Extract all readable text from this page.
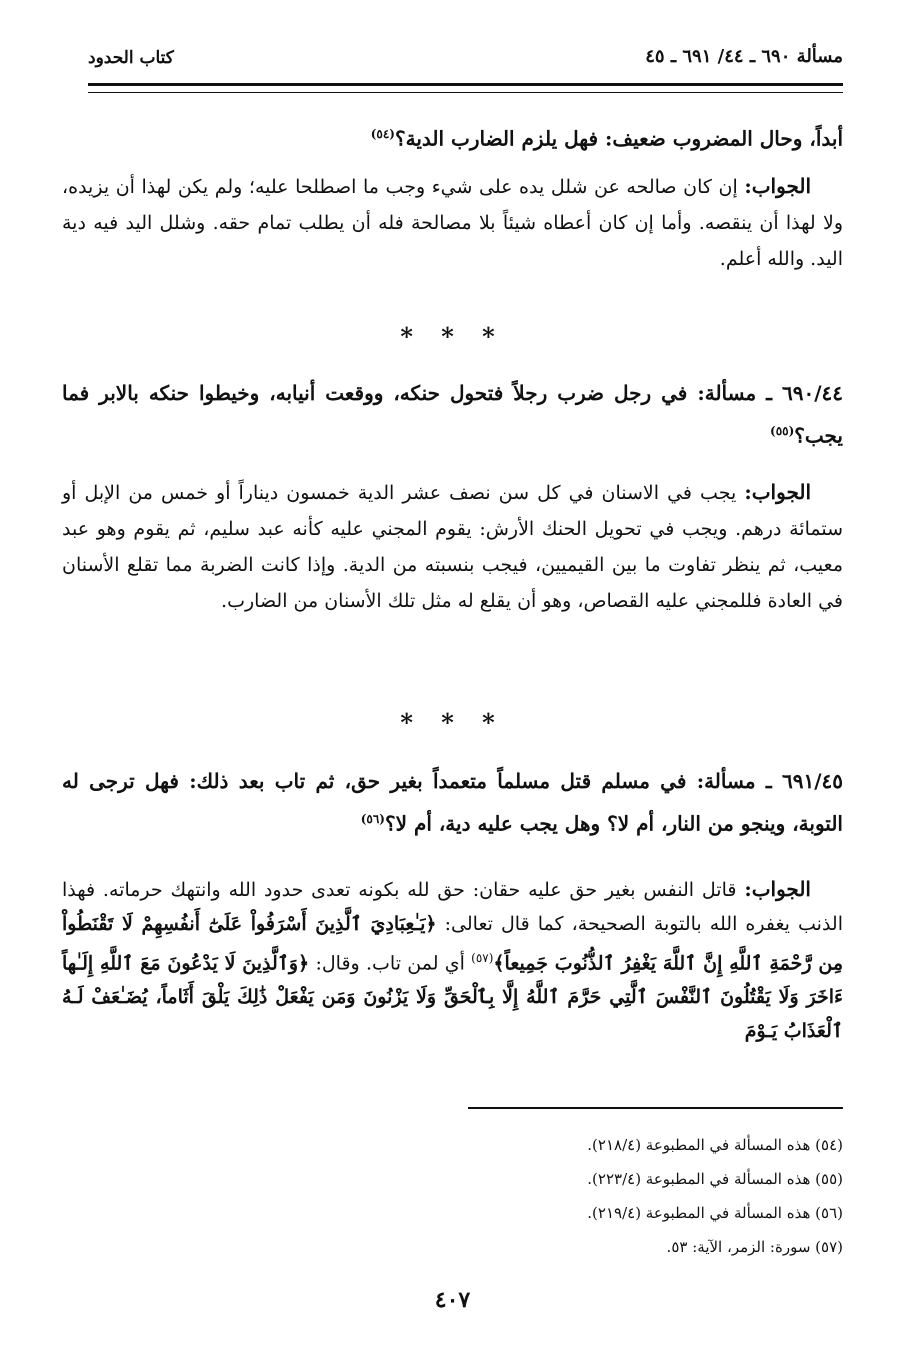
مسألة ٦٩٠ ـ ٤٤/ ٦٩١ ـ ٤٥
كتاب الحدود
أبداً، وحال المضروب ضعيف: فهل يلزم الضارب الدية؟$^{(٥٤)}$
الجواب: إن كان صالحه عن شلل يده على شيء وجب ما اصطلحا عليه؛ ولم يكن لهذا أن يزيده، ولا لهذا أن ينقصه. وأما إن كان أعطاه شيئاً بلا مصالحة فله أن يطلب تمام حقه. وشلل اليد فيه دية اليد. والله أعلم.
* * *
٦٩٠/٤٤ ـ مسألة: في رجل ضرب رجلاً فتحول حنكه، ووقعت أنيابه، وخيطوا حنكه بالابر فما يجب؟$^{(٥٥)}$
الجواب: يجب في الاسنان في كل سن نصف عشر الدية خمسون ديناراً أو خمس من الإبل أو ستمائة درهم. ويجب في تحويل الحنك الأرش: يقوم المجني عليه كأنه عبد سليم، ثم يقوم وهو عبد معيب، ثم ينظر تفاوت ما بين القيميين، فيجب بنسبته من الدية. وإذا كانت الضربة مما تقلع الأسنان في العادة فللمجني عليه القصاص، وهو أن يقلع له مثل تلك الأسنان من الضارب.
* * *
٦٩١/٤٥ ـ مسألة: في مسلم قتل مسلماً متعمداً بغير حق، ثم تاب بعد ذلك: فهل ترجى له التوبة، وينجو من النار، أم لا؟ وهل يجب عليه دية، أم لا؟$^{(٥٦)}$
الجواب: قاتل النفس بغير حق عليه حقان: حق لله بكونه تعدى حدود الله وانتهك حرماته. فهذا الذنب يغفره الله بالتوبة الصحيحة، كما قال تعالى: ﴿يَـٰعِبَادِيَ ٱلَّذِينَ أَسْرَفُواْ عَلَىٰٓ أَنفُسِهِمْ لَا تَقْنَطُواْ مِن رَّحْمَةِ ٱللَّهِ إِنَّ ٱللَّهَ يَغْفِرُ ٱلذُّنُوبَ جَمِيعاً﴾$^{(٥٧)}$ أي لمن تاب. وقال: ﴿وَٱلَّذِينَ لَا يَدْعُونَ مَعَ ٱللَّهِ إِلَـٰهاً ءَاخَرَ وَلَا يَقْتُلُونَ ٱلنَّفْسَ ٱلَّتِي حَرَّمَ ٱللَّهُ إِلَّا بِٱلْحَقِّ وَلَا يَزْنُونَ وَمَن يَفْعَلْ ذَٰلِكَ يَلْقَ أَثَاماً، يُضَـٰعَفْ لَـهُ ٱلْعَذَابُ يَـوْمَ
(٥٤) هذه المسألة في المطبوعة (٢١٨/٤).
(٥٥) هذه المسألة في المطبوعة (٢٢٣/٤).
(٥٦) هذه المسألة في المطبوعة (٢١٩/٤).
(٥٧) سورة: الزمر، الآية: ٥٣.
٤٠٧
